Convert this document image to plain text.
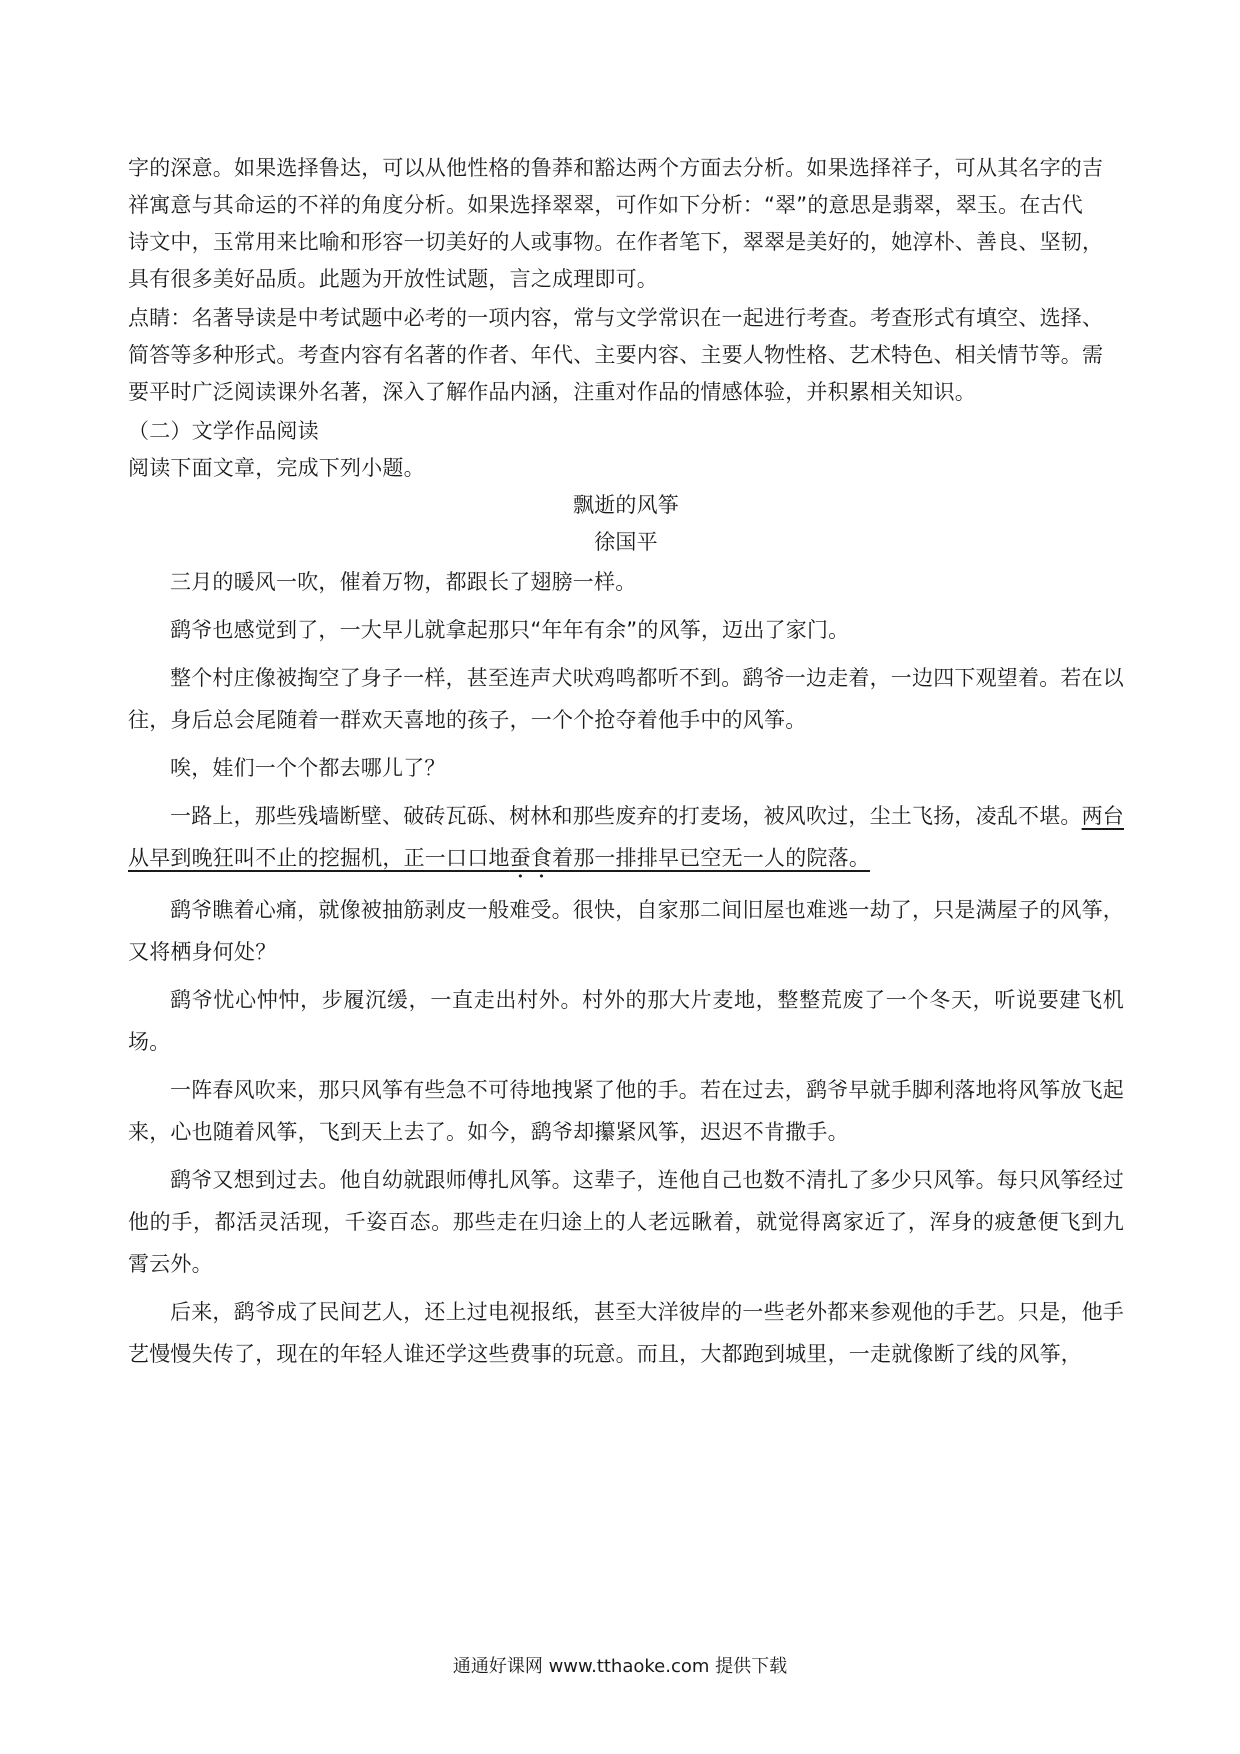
字的深意。如果选择鲁达，可以从他性格的鲁莽和豁达两个方面去分析。如果选择祥子，可从其名字的吉

祥寓意与其命运的不祥的角度分析。如果选择翠翠，可作如下分析：“翠”的意思是翡翠，翠玉。在古代

诗文中，玉常用来比喻和形容一切美好的人或事物。在作者笔下，翠翠是美好的，她淳朴、善良、坚韧，

具有很多美好品质。此题为开放性试题，言之成理即可。

点睛：名著导读是中考试题中必考的一项内容，常与文学常识在一起进行考查。考查形式有填空、选择、

简答等多种形式。考查内容有名著的作者、年代、主要内容、主要人物性格、艺术特色、相关情节等。需

要平时广泛阅读课外名著，深入了解作品内涵，注重对作品的情感体验，并积累相关知识。

（二）文学作品阅读

阅读下面文章，完成下列小题。

飘逝的风筝

徐国平

三月的暖风一吹，催着万物，都跟长了翅膀一样。

鹞爷也感觉到了，一大早儿就拿起那只“年年有余”的风筝，迈出了家门。

整个村庄像被掏空了身子一样，甚至连声犬吠鸡鸣都听不到。鹞爷一边走着，一边四下观望着。若在以往，身后总会尾随着一群欢天喜地的孩子，一个个抢夺着他手中的风筝。

唉，娃们一个个都去哪儿了？

一路上，那些残墙断壁、破砖瓦砾、树林和那些废弃的打麦场，被风吹过，尘土飞扬，凌乱不堪。两台从早到晚狂叫不止的挖掘机，正一口口地蚕食着那一排排早已空无一人的院落。

鹞爷瞧着心痛，就像被抽筋剥皮一般难受。很快，自家那二间旧屋也难逃一劫了，只是满屋子的风筝，又将栖身何处？

鹞爷忧心忡忡，步履沉缓，一直走出村外。村外的那大片麦地，整整荒废了一个冬天，听说要建飞机场。

一阵春风吹来，那只风筝有些急不可待地拽紧了他的手。若在过去，鹞爷早就手脚利落地将风筝放飞起来，心也随着风筝，飞到天上去了。如今，鹞爷却攥紧风筝，迟迟不肯撒手。

鹞爷又想到过去。他自幼就跟师傅扎风筝。这辈子，连他自己也数不清扎了多少只风筝。每只风筝经过他的手，都活灵活现，千姿百态。那些走在归途上的人老远瞅着，就觉得离家近了，浑身的疲惫便飞到九霄云外。

后来，鹞爷成了民间艺人，还上过电视报纸，甚至大洋彼岸的一些老外都来参观他的手艺。只是，他手艺慢慢失传了，现在的年轻人谁还学这些费事的玩意。而且，大都跑到城里，一走就像断了线的风筝，

通通好课网 www.tthaoke.com 提供下载
